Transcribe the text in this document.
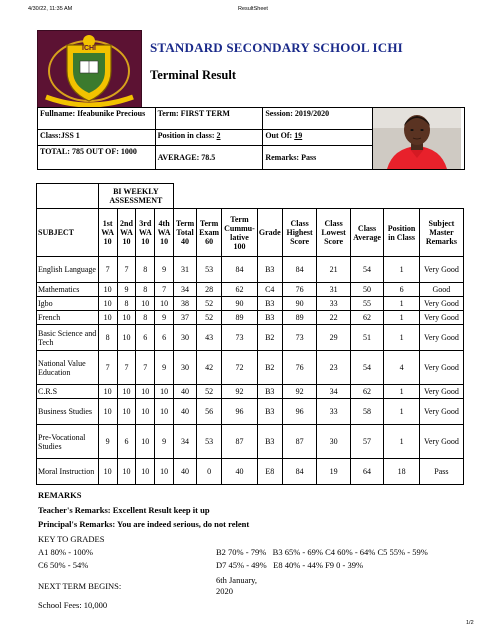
4/30/22, 11:35 AM	ResultSheet
1/2
ICHI	STANDARD SECONDARY SCHOOL ICHI
Terminal Result
Fullname: Ifeabunike Precious	Term: FIRST TERM	Session: 2019/2020	

Class:JSS 1	Position in class: 2	Out Of: 19	
TOTAL: 785 OUT OF: 1000	AVERAGE: 78.5	Remarks: Pass	
	BI WEEKLY ASSESSMENT												
SUBJECT	1st WA 10	2nd WA 10	3rd WA 10	4th WA 10	Term Total 40	Term Exam 60	Term Cummu-lative 100	Grade	Class Highest Score	Class Lowest Score	Class Average	Position in Class	Subject Master Remarks
English Language	7	7	8	9	31	53	84	B3	84	21	54	1	Very Good
Mathematics	10	9	8	7	34	28	62	C4	76	31	50	6	Good
Igbo	10	8	10	10	38	52	90	B3	90	33	55	1	Very Good
French	10	10	8	9	37	52	89	B3	89	22	62	1	Very Good
Basic Science and Tech	8	10	6	6	30	43	73	B2	73	29	51	1	Very Good
National Value Education	7	7	7	9	30	42	72	B2	76	23	54	4	Very Good
C.R.S	10	10	10	10	40	52	92	B3	92	34	62	1	Very Good
Business Studies	10	10	10	10	40	56	96	B3	96	33	58	1	Very Good
Pre-Vocational Studies	9	6	10	9	34	53	87	B3	87	30	57	1	Very Good
Moral Instruction	10	10	10	10	40	0	40	E8	84	19	64	18	Pass
REMARKS
Teacher's Remarks: Excellent Result keep it up
Principal's Remarks: You are indeed serious, do not relent
KEY TO GRADES
A1 80% - 100%	B2 70% - 79%   B3 65% - 69% C4 60% - 64% C5 55% - 59%
C6 50% - 54%	D7 45% - 49%   E8 40% - 44% F9 0 - 39%
NEXT TERM BEGINS:
6th January, 2020
School Fees: 10,000
